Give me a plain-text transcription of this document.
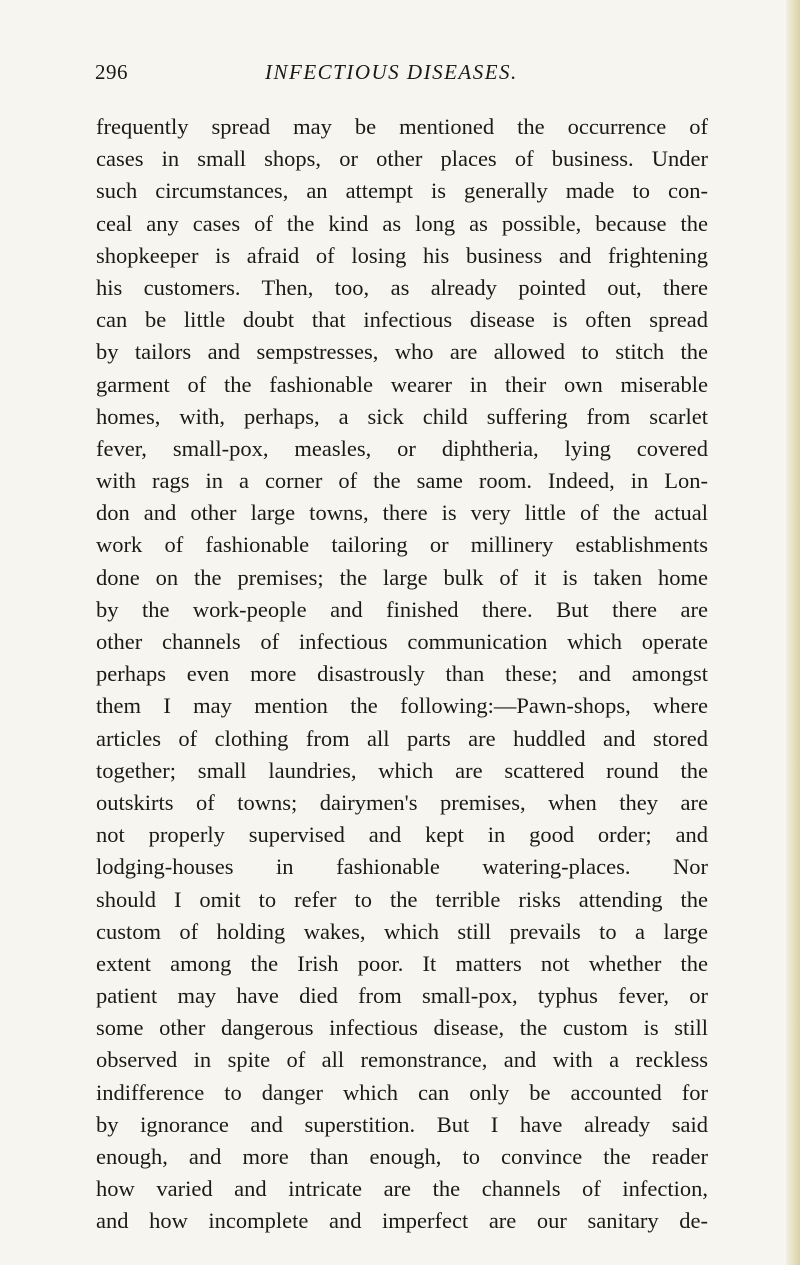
296	INFECTIOUS DISEASES.
frequently spread may be mentioned the occurrence of
cases in small shops, or other places of business. Under
such circumstances, an attempt is generally made to con-
ceal any cases of the kind as long as possible, because the
shopkeeper is afraid of losing his business and frightening
his customers. Then, too, as already pointed out, there
can be little doubt that infectious disease is often spread
by tailors and sempstresses, who are allowed to stitch the
garment of the fashionable wearer in their own miserable
homes, with, perhaps, a sick child suffering from scarlet
fever, small-pox, measles, or diphtheria, lying covered
with rags in a corner of the same room. Indeed, in Lon-
don and other large towns, there is very little of the actual
work of fashionable tailoring or millinery establishments
done on the premises; the large bulk of it is taken home
by the work-people and finished there. But there are
other channels of infectious communication which operate
perhaps even more disastrously than these; and amongst
them I may mention the following:—Pawn-shops, where
articles of clothing from all parts are huddled and stored
together; small laundries, which are scattered round the
outskirts of towns; dairymen's premises, when they are
not properly supervised and kept in good order; and
lodging-houses in fashionable watering-places. Nor
should I omit to refer to the terrible risks attending the
custom of holding wakes, which still prevails to a large
extent among the Irish poor. It matters not whether the
patient may have died from small-pox, typhus fever, or
some other dangerous infectious disease, the custom is still
observed in spite of all remonstrance, and with a reckless
indifference to danger which can only be accounted for
by ignorance and superstition. But I have already said
enough, and more than enough, to convince the reader
how varied and intricate are the channels of infection,
and how incomplete and imperfect are our sanitary de-
